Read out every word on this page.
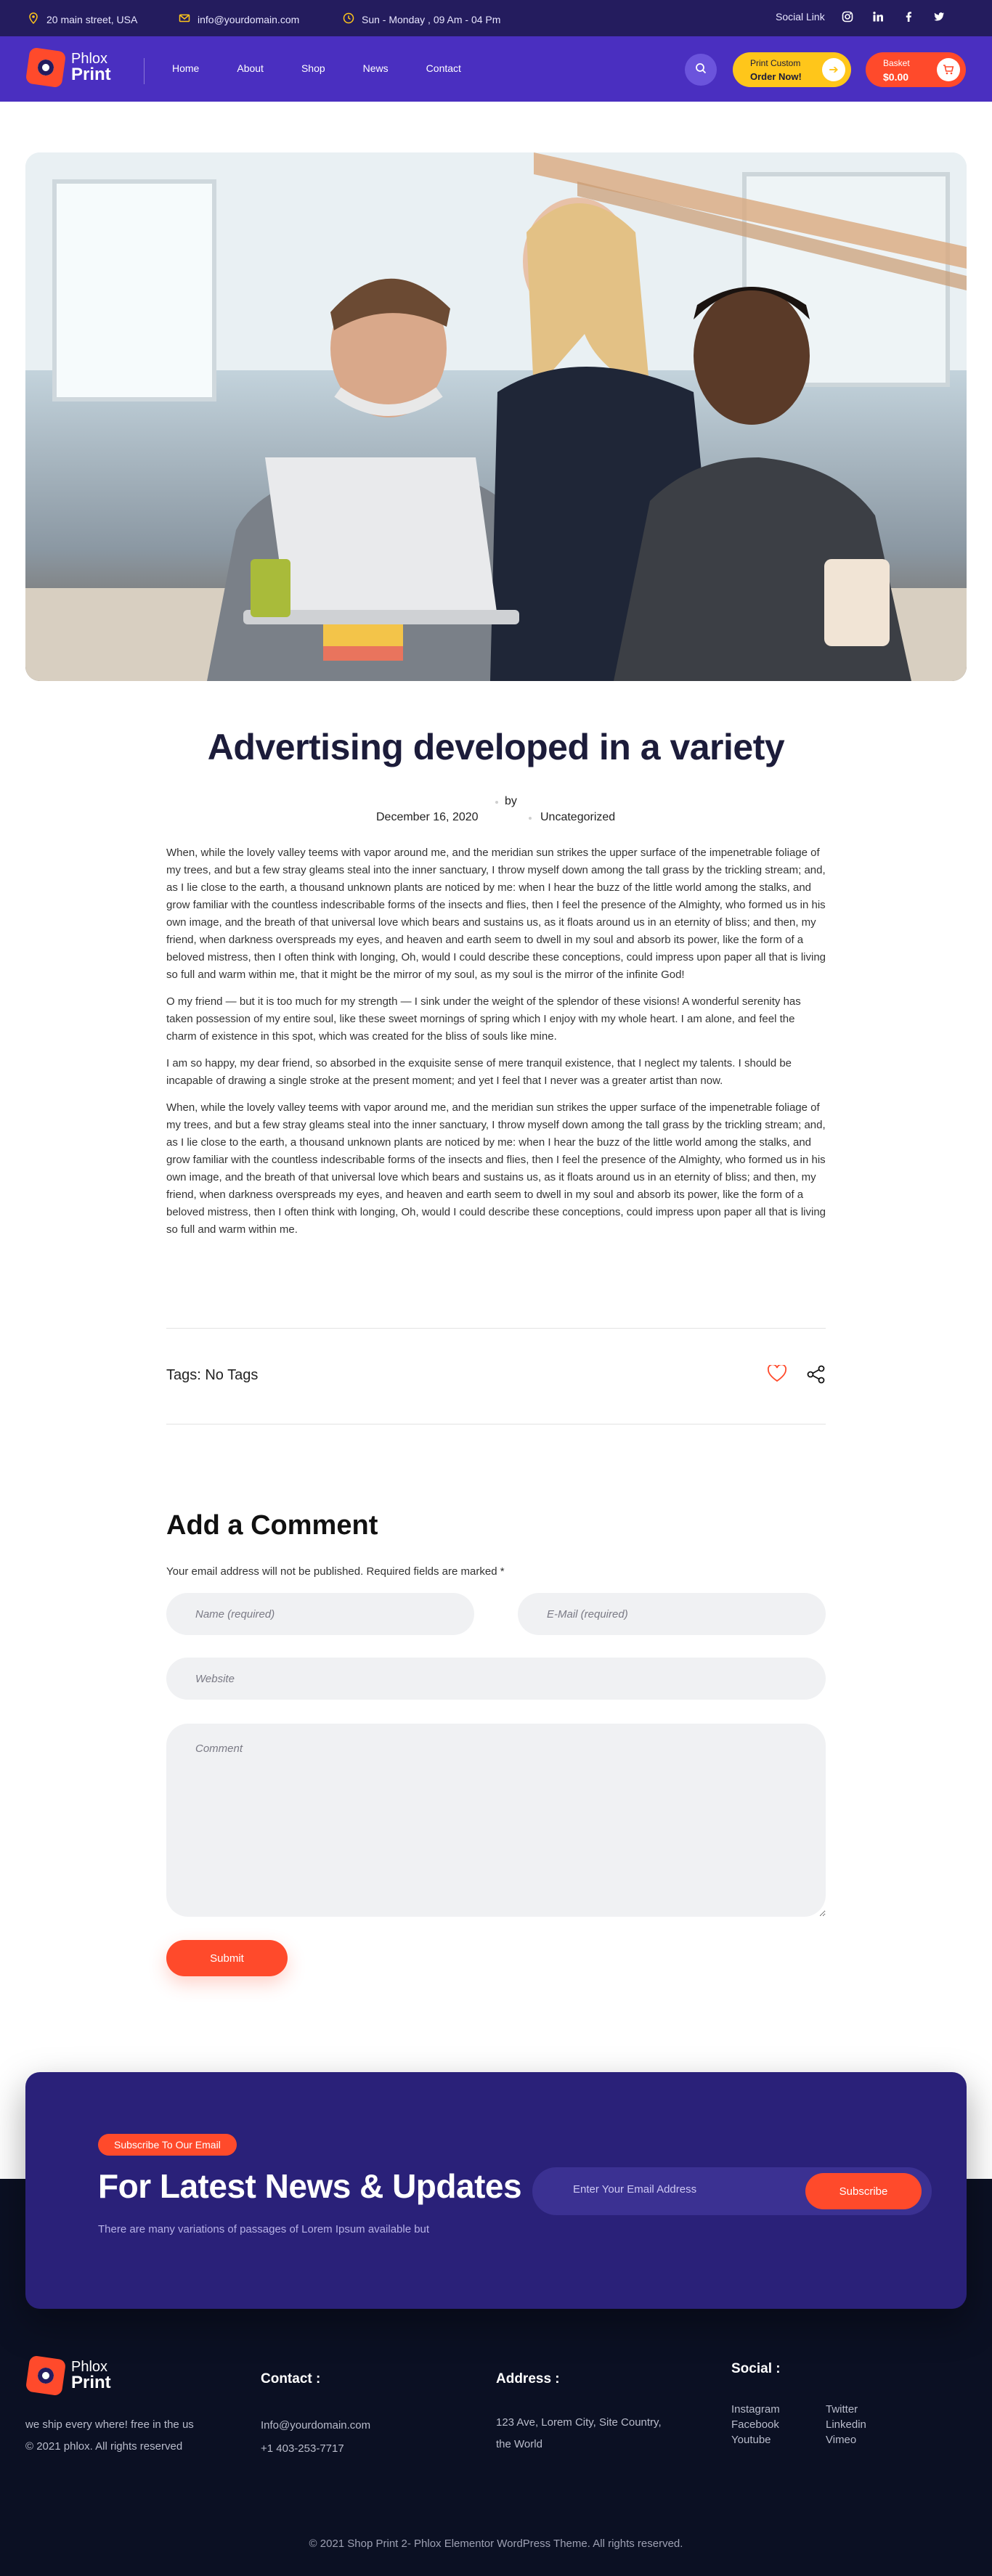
20 main street, USA	info@yourdomain.com	Sun - Monday , 09 Am - 04 Pm	Social Link
Phlox
Print	Home	About	Shop	News	Contact	Print Custom
Order Now!
➔
Basket
$0.00
Advertising developed in a variety
by
December 16, 2020	Uncategorized

When, while the lovely valley teems with vapor around me, and the meridian sun strikes the upper surface of the impenetrable foliage of my trees, and but a few stray gleams steal into the inner sanctuary, I throw myself down among the tall grass by the trickling stream; and, as I lie close to the earth, a thousand unknown plants are noticed by me: when I hear the buzz of the little world among the stalks, and grow familiar with the countless indescribable forms of the insects and flies, then I feel the presence of the Almighty, who formed us in his own image, and the breath of that universal love which bears and sustains us, as it floats around us in an eternity of bliss; and then, my friend, when darkness overspreads my eyes, and heaven and earth seem to dwell in my soul and absorb its power, like the form of a beloved mistress, then I often think with longing, Oh, would I could describe these conceptions, could impress upon paper all that is living so full and warm within me, that it might be the mirror of my soul, as my soul is the mirror of the infinite God!

O my friend — but it is too much for my strength — I sink under the weight of the splendor of these visions! A wonderful serenity has taken possession of my entire soul, like these sweet mornings of spring which I enjoy with my whole heart. I am alone, and feel the charm of existence in this spot, which was created for the bliss of souls like mine.

I am so happy, my dear friend, so absorbed in the exquisite sense of mere tranquil existence, that I neglect my talents. I should be incapable of drawing a single stroke at the present moment; and yet I feel that I never was a greater artist than now.

When, while the lovely valley teems with vapor around me, and the meridian sun strikes the upper surface of the impenetrable foliage of my trees, and but a few stray gleams steal into the inner sanctuary, I throw myself down among the tall grass by the trickling stream; and, as I lie close to the earth, a thousand unknown plants are noticed by me: when I hear the buzz of the little world among the stalks, and grow familiar with the countless indescribable forms of the insects and flies, then I feel the presence of the Almighty, who formed us in his own image, and the breath of that universal love which bears and sustains us, as it floats around us in an eternity of bliss; and then, my friend, when darkness overspreads my eyes, and heaven and earth seem to dwell in my soul and absorb its power, like the form of a beloved mistress, then I often think with longing, Oh, would I could describe these conceptions, could impress upon paper all that is living so full and warm within me.

Tags: No Tags
Add a Comment

Your email address will not be published. Required fields are marked *

Name (required)
E-Mail (required)
Website
Comment
Submit
Subscribe To Our Email
For Latest News & Updates

There are many variations of passages of Lorem Ipsum available but

Enter Your Email Address
Subscribe
Phlox
Print
we ship every where! free in the us
© 2021 phlox. All rights reserved
Contact :
Info@yourdomain.com
+1 403-253-7717
Address :
123 Ave, Lorem City, Site Country,
the World
Social :
Instagram	Twitter
Facebook	Linkedin
Youtube	Vimeo

© 2021 Shop Print 2- Phlox Elementor WordPress Theme. All rights reserved.
